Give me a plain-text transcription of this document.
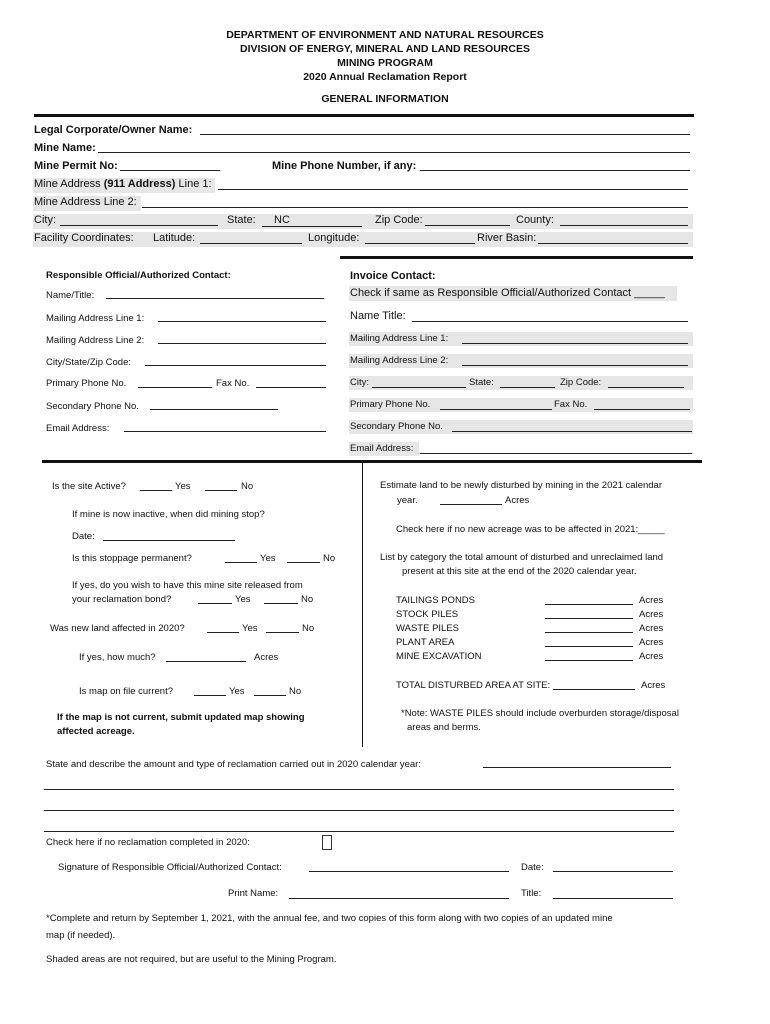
DEPARTMENT OF ENVIRONMENT AND NATURAL RESOURCES
DIVISION OF ENERGY, MINERAL AND LAND RESOURCES
MINING PROGRAM
2020 Annual Reclamation Report
GENERAL INFORMATION
Legal Corporate/Owner Name:
Mine Name:
Mine Permit No:	Mine Phone Number, if any:
Mine Address (911 Address) Line 1:
Mine Address Line 2:
City:	State:	NC	Zip Code:	County:
Facility Coordinates: Latitude:	Longitude:	River Basin:
Responsible Official/Authorized Contact:
Name/Title:
Mailing Address Line 1:
Mailing Address Line 2:
City/State/Zip Code:
Primary Phone No.	Fax No.
Secondary Phone No.
Email Address:
Invoice Contact:
Check if same as Responsible Official/Authorized Contact _____
Name Title:
Mailing Address Line 1:
Mailing Address Line 2:
City:	State:	Zip Code:
Primary Phone No.	Fax No.
Secondary Phone No.
Email Address:
Is the site Active?	Yes	No
If mine is now inactive, when did mining stop?
Date:
Is this stoppage permanent?	Yes	No
If yes, do you wish to have this mine site released from
your reclamation bond?	Yes	No
Was new land affected in 2020?	Yes	No
If yes, how much?	Acres
Is map on file current?	Yes	No
If the map is not current, submit updated map showing
affected acreage.
Estimate land to be newly disturbed by mining in the 2021 calendar
year.	Acres
Check here if no new acreage was to be affected in 2021:_____
List by category the total amount of disturbed and unreclaimed land
present at this site at the end of the 2020 calendar year.
TAILINGS PONDS	Acres
STOCK PILES	Acres
WASTE PILES	Acres
PLANT AREA	Acres
MINE EXCAVATION	Acres
TOTAL DISTURBED AREA AT SITE:	Acres
*Note: WASTE PILES should include overburden storage/disposal
areas and berms.
State and describe the amount and type of reclamation carried out in 2020 calendar year:
Check here if no reclamation completed in 2020:
Signature of Responsible Official/Authorized Contact:	Date:
Print Name:	Title:
*Complete and return by September 1, 2021, with the annual fee, and two copies of this form along with two copies of an updated mine
map (if needed).
Shaded areas are not required, but are useful to the Mining Program.
